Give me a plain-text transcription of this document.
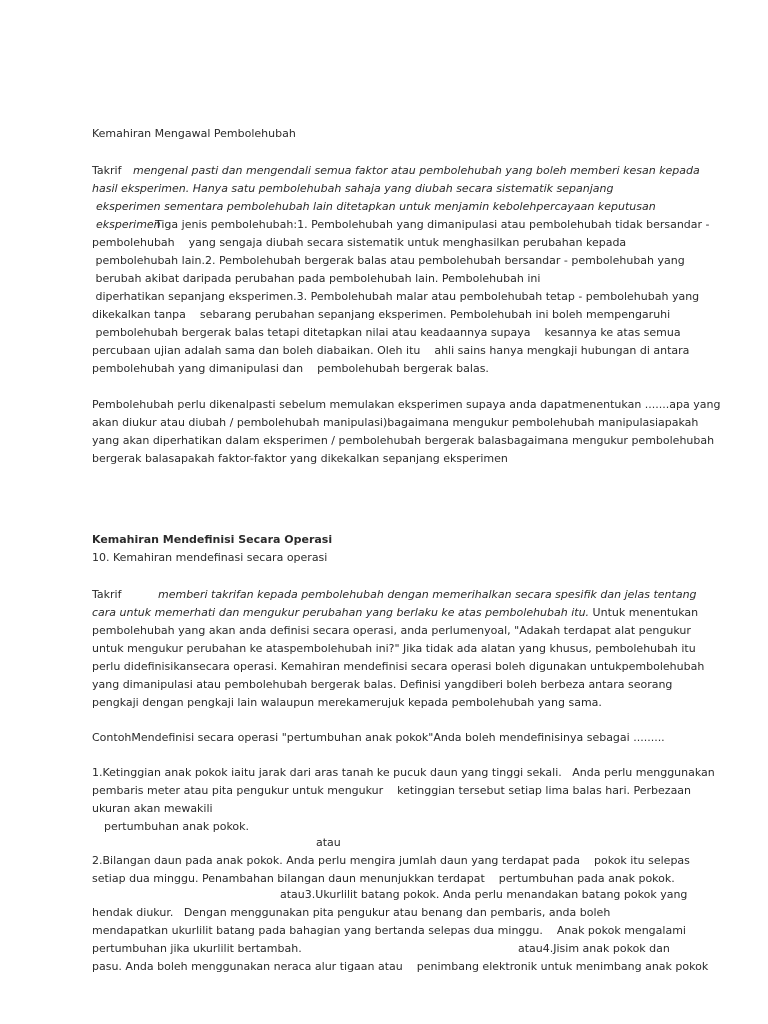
Kemahiran Mengawal Pembolehubah
Takrif mengenal pasti dan mengendali semua faktor atau pembolehubah yang boleh memberi kesan kepada
hasil eksperimen. Hanya satu pembolehubah sahaja yang diubah secara sistematik sepanjang
eksperimen sementara pembolehubah lain ditetapkan untuk menjamin kebolehpercayaan keputusan
eksperimen
Tiga jenis pembolehubah:1. Pembolehubah yang dimanipulasi atau pembolehubah tidak bersandar -
pembolehubah    yang sengaja diubah secara sistematik untuk menghasilkan perubahan kepada
pembolehubah lain.2. Pembolehubah bergerak balas atau pembolehubah bersandar - pembolehubah yang
berubah akibat daripada perubahan pada pembolehubah lain. Pembolehubah ini
diperhatikan sepanjang eksperimen.3. Pembolehubah malar atau pembolehubah tetap - pembolehubah yang
dikekalkan tanpa    sebarang perubahan sepanjang eksperimen. Pembolehubah ini boleh mempengaruhi
pembolehubah bergerak balas tetapi ditetapkan nilai atau keadaannya supaya    kesannya ke atas semua
percubaan ujian adalah sama dan boleh diabaikan. Oleh itu    ahli sains hanya mengkaji hubungan di antara
pembolehubah yang dimanipulasi dan    pembolehubah bergerak balas.
Pembolehubah perlu dikenalpasti sebelum memulakan eksperimen supaya anda dapatmenentukan .......apa yang
akan diukur atau diubah / pembolehubah manipulasi)bagaimana mengukur pembolehubah manipulasiapakah
yang akan diperhatikan dalam eksperimen / pembolehubah bergerak balasbagaimana mengukur pembolehubah
bergerak balasapakah faktor-faktor yang dikekalkan sepanjang eksperimen
Kemahiran Mendefinisi Secara Operasi
10. Kemahiran mendefinasi secara operasi
Takrif	memberi takrifan kepada pembolehubah dengan memerihalkan secara spesifik dan jelas tentang
cara untuk memerhati dan mengukur perubahan yang berlaku ke atas pembolehubah itu. Untuk menentukan
pembolehubah yang akan anda definisi secara operasi, anda perlumenyoal, "Adakah terdapat alat pengukur
untuk mengukur perubahan ke ataspembolehubah ini?" Jika tidak ada alatan yang khusus, pembolehubah itu
perlu didefinisikansecara operasi. Kemahiran mendefinisi secara operasi boleh digunakan untukpembolehubah
yang dimanipulasi atau pembolehubah bergerak balas. Definisi yangdiberi boleh berbeza antara seorang
pengkaji dengan pengkaji lain walaupun merekamerujuk kepada pembolehubah yang sama.
ContohMendefinisi secara operasi "pertumbuhan anak pokok"Anda boleh mendefinisinya sebagai .........
1.Ketinggian anak pokok iaitu jarak dari aras tanah ke pucuk daun yang tinggi sekali.   Anda perlu menggunakan
pembaris meter atau pita pengukur untuk mengukur    ketinggian tersebut setiap lima balas hari. Perbezaan
ukuran akan mewakili
pertumbuhan anak pokok.
atau
2.Bilangan daun pada anak pokok. Anda perlu mengira jumlah daun yang terdapat pada    pokok itu selepas
setiap dua minggu. Penambahan bilangan daun menunjukkan terdapat    pertumbuhan pada anak pokok.
atau3.Ukurlilit batang pokok. Anda perlu menandakan batang pokok yang
hendak diukur.   Dengan menggunakan pita pengukur atau benang dan pembaris, anda boleh
mendapatkan ukurlilit batang pada bahagian yang bertanda selepas dua minggu.    Anak pokok mengalami
pertumbuhan jika ukurlilit bertambah.	atau4.Jisim anak pokok dan
pasu. Anda boleh menggunakan neraca alur tigaan atau    penimbang elektronik untuk menimbang anak pokok
